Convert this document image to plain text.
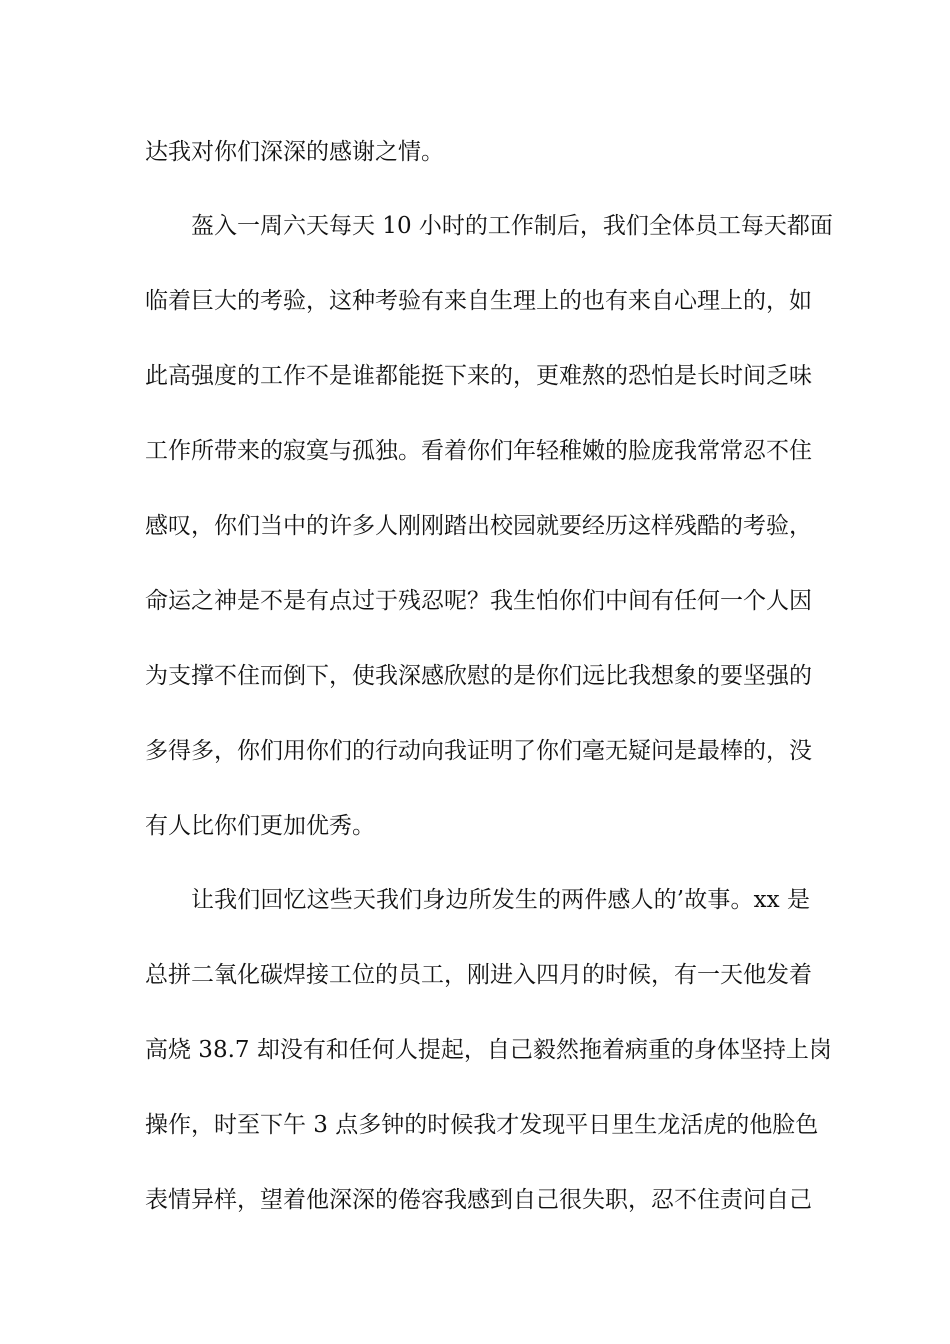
达我对你们深深的感谢之情。
盔入一周六天每天 10 小时的工作制后，我们全体员工每天都面
临着巨大的考验，这种考验有来自生理上的也有来自心理上的，如
此高强度的工作不是谁都能挺下来的，更难熬的恐怕是长时间乏味
工作所带来的寂寞与孤独。看着你们年轻稚嫩的脸庞我常常忍不住
感叹，你们当中的许多人刚刚踏出校园就要经历这样残酷的考验，
命运之神是不是有点过于残忍呢？我生怕你们中间有任何一个人因
为支撑不住而倒下，使我深感欣慰的是你们远比我想象的要坚强的
多得多，你们用你们的行动向我证明了你们毫无疑问是最棒的，没
有人比你们更加优秀。
让我们回忆这些天我们身边所发生的两件感人的’故事。xx 是
总拼二氧化碳焊接工位的员工，刚进入四月的时候，有一天他发着
高烧 38.7 却没有和任何人提起，自己毅然拖着病重的身体坚持上岗
操作，时至下午 3 点多钟的时候我才发现平日里生龙活虎的他脸色
表情异样，望着他深深的倦容我感到自己很失职，忍不住责问自己
